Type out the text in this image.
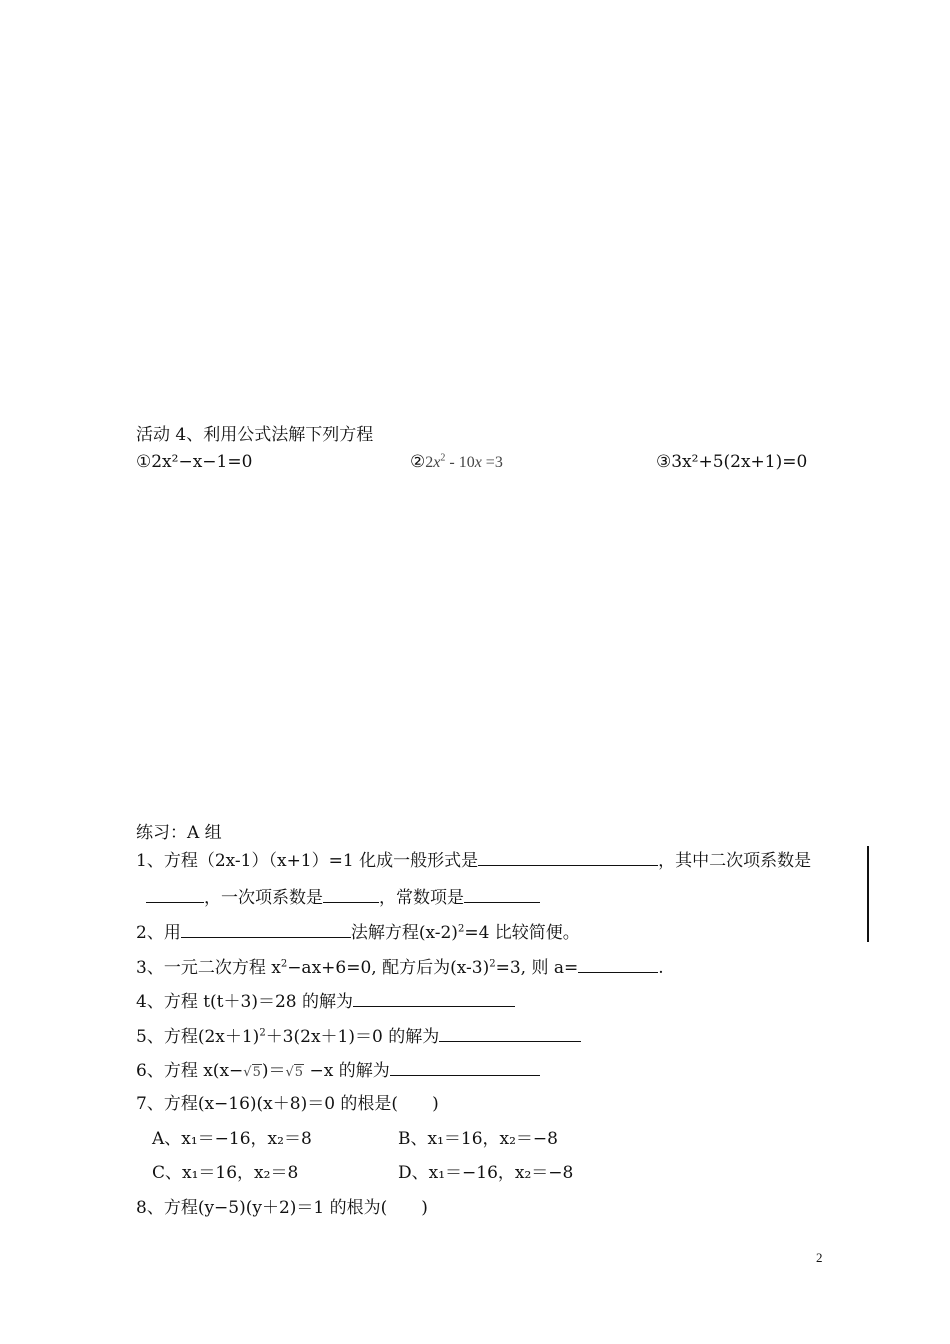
活动 4、利用公式法解下列方程
①2x²−x−1=0	$②2x^2 - 10x =3$	③3x²+5(2x+1)=0
练习：A 组
1、方程（2x-1）（x+1）=1 化成一般形式是	，其中二次项系数是
，一次项系数是	，常数项是
2、用	法解方程$(x-2)^2=4$ 比较简便。
3、一元二次方程 $x^2-ax+6=0$, 配方后为$(x-3)^2=3$, 则 a=	.
4、方程 t(t＋3)＝28 的解为
5、方程$(2x+1)^2+3(2x+1)=0$ 的解为
6、方程 x(x−√5)＝√5 −x 的解为
7、方程(x−16)(x＋8)＝0 的根是(　　)
A、x₁＝−16，x₂＝8	B、x₁＝16，x₂＝−8
C、x₁＝16，x₂＝8	D、x₁＝−16，x₂＝−8
8、方程(y−5)(y＋2)＝1 的根为(　　)
2
